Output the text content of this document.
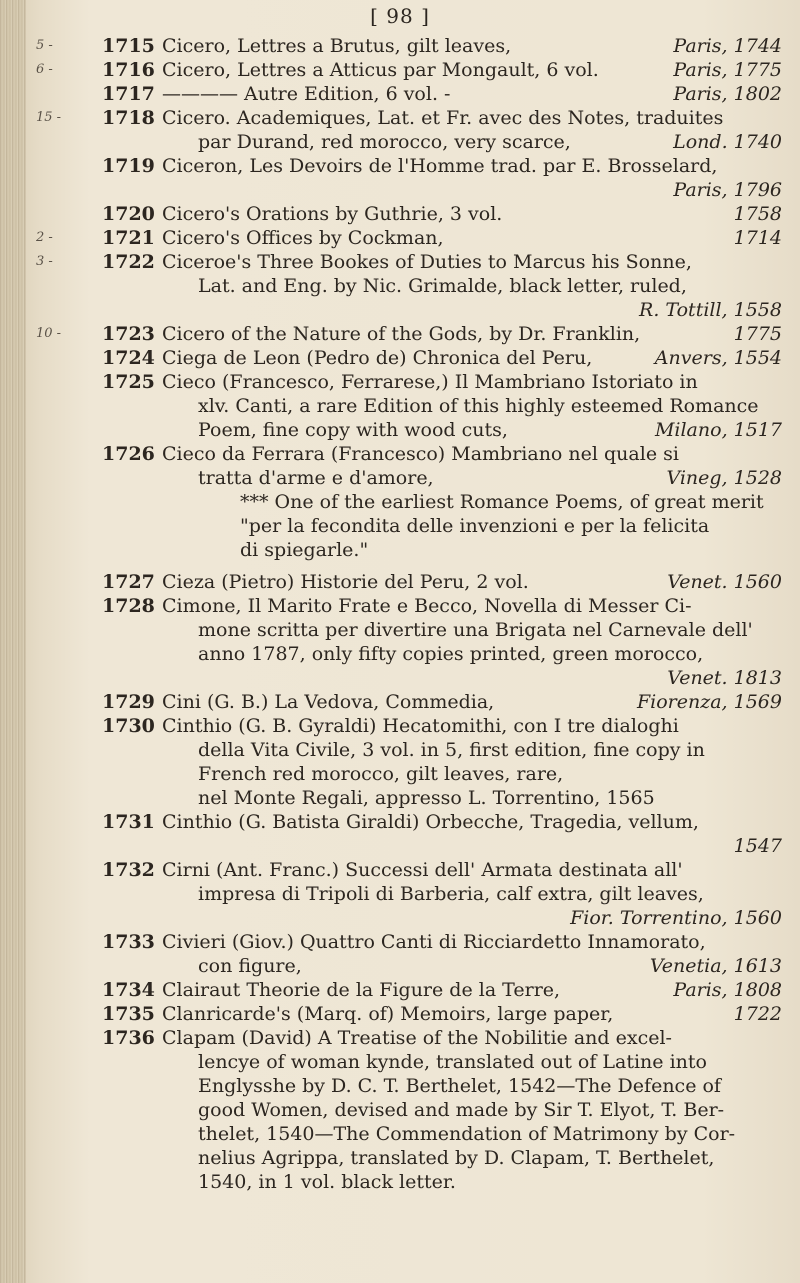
[ 98 ]
5 -	1715 Cicero, Lettres a Brutus, gilt leaves,	Paris, 1744
6 -	1716 Cicero, Lettres a Atticus par Mongault, 6 vol.	Paris, 1775
1717 ———— Autre Edition, 6 vol. -	Paris, 1802
15 -	1718 Cicero. Academiques, Lat. et Fr. avec des Notes, traduites
par Durand, red morocco, very scarce,	Lond. 1740
1719 Ciceron, Les Devoirs de l'Homme trad. par E. Brosselard,
Paris, 1796
1720 Cicero's Orations by Guthrie, 3 vol.	1758
2 -	1721 Cicero's Offices by Cockman,	1714
3 -	1722 Ciceroe's Three Bookes of Duties to Marcus his Sonne,
Lat. and Eng. by Nic. Grimalde, black letter, ruled,
R. Tottill, 1558
10 -	1723 Cicero of the Nature of the Gods, by Dr. Franklin,	1775
1724 Ciega de Leon (Pedro de) Chronica del Peru,	Anvers, 1554
1725 Cieco (Francesco, Ferrarese,) Il Mambriano Istoriato in
xlv. Canti, a rare Edition of this highly esteemed Romance
Poem, fine copy with wood cuts,	Milano, 1517
1726 Cieco da Ferrara (Francesco) Mambriano nel quale si
tratta d'arme e d'amore,	Vineg, 1528
*** One of the earliest Romance Poems, of great merit
"per la fecondita delle invenzioni e per la felicita
di spiegarle."
1727 Cieza (Pietro) Historie del Peru, 2 vol.	Venet. 1560
1728 Cimone, Il Marito Frate e Becco, Novella di Messer Ci-
mone scritta per divertire una Brigata nel Carnevale dell'
anno 1787, only fifty copies printed, green morocco,
Venet. 1813
1729 Cini (G. B.) La Vedova, Commedia,	Fiorenza, 1569
1730 Cinthio (G. B. Gyraldi) Hecatomithi, con I tre dialoghi
della Vita Civile, 3 vol. in 5, first edition, fine copy in
French red morocco, gilt leaves, rare,
nel Monte Regali, appresso L. Torrentino, 1565
1731 Cinthio (G. Batista Giraldi) Orbecche, Tragedia, vellum,
1547
1732 Cirni (Ant. Franc.) Successi dell' Armata destinata all'
impresa di Tripoli di Barberia, calf extra, gilt leaves,
Fior. Torrentino, 1560
1733 Civieri (Giov.) Quattro Canti di Ricciardetto Innamorato,
con figure,	Venetia, 1613
1734 Clairaut Theorie de la Figure de la Terre,	Paris, 1808
1735 Clanricarde's (Marq. of) Memoirs, large paper,	1722
1736 Clapam (David) A Treatise of the Nobilitie and excel-
lencye of woman kynde, translated out of Latine into
Englysshe by D. C. T. Berthelet, 1542—The Defence of
good Women, devised and made by Sir T. Elyot, T. Ber-
thelet, 1540—The Commendation of Matrimony by Cor-
nelius Agrippa, translated by D. Clapam, T. Berthelet,
1540, in 1 vol. black letter.
